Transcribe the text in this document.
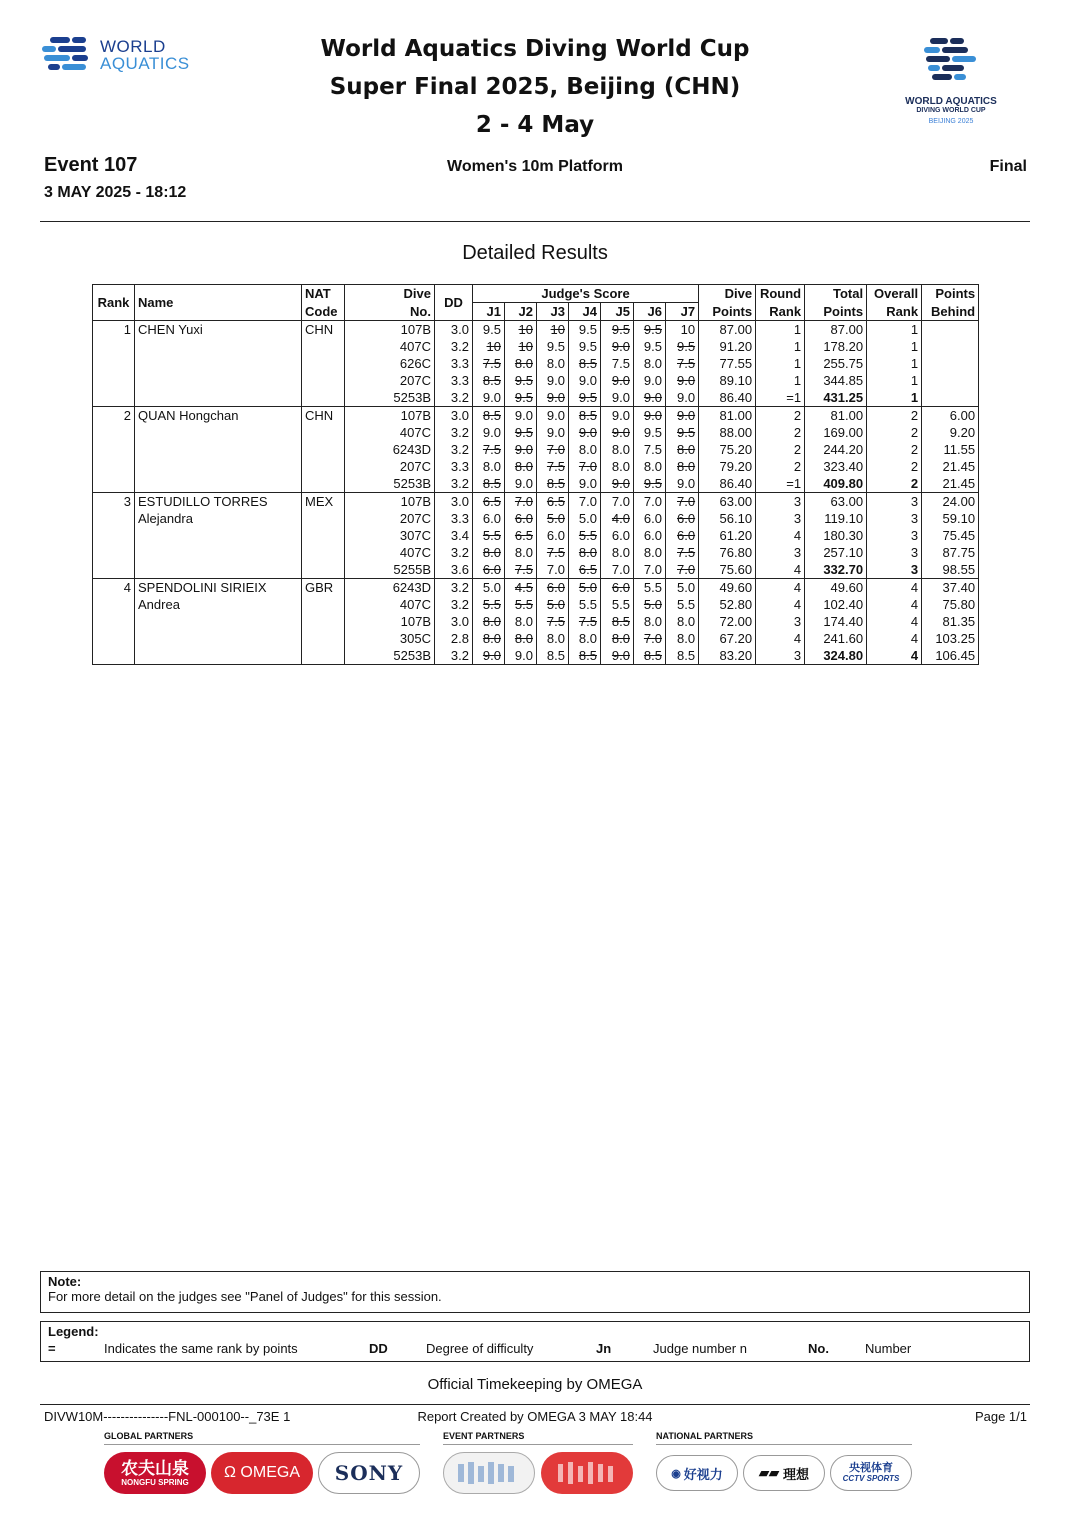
WORLD
AQUATICS
World Aquatics Diving World Cup
Super Final 2025, Beijing (CHN)
2 - 4 May
WORLD AQUATICS
DIVING WORLD CUP
BEIJING 2025
Event 107
3 MAY 2025 - 18:12
Women's 10m Platform	Final
Detailed Results
Rank	Name	NAT	Dive	DD	Judge's Score							Dive	Round	Total	Overall	Points
		Code	No.		J1	J2	J3	J4	J5	J6	J7	Points	Rank	Points	Rank	Behind
1	CHEN Yuxi	CHN	107B	3.0	9.5	10	10	9.5	9.5	9.5	10	87.00	1	87.00	1	
			407C	3.2	10	10	9.5	9.5	9.0	9.5	9.5	91.20	1	178.20	1	
			626C	3.3	7.5	8.0	8.0	8.5	7.5	8.0	7.5	77.55	1	255.75	1	
			207C	3.3	8.5	9.5	9.0	9.0	9.0	9.0	9.0	89.10	1	344.85	1	
			5253B	3.2	9.0	9.5	9.0	9.5	9.0	9.0	9.0	86.40	=1	431.25	1	
2	QUAN Hongchan	CHN	107B	3.0	8.5	9.0	9.0	8.5	9.0	9.0	9.0	81.00	2	81.00	2	6.00
			407C	3.2	9.0	9.5	9.0	9.0	9.0	9.5	9.5	88.00	2	169.00	2	9.20
			6243D	3.2	7.5	9.0	7.0	8.0	8.0	7.5	8.0	75.20	2	244.20	2	11.55
			207C	3.3	8.0	8.0	7.5	7.0	8.0	8.0	8.0	79.20	2	323.40	2	21.45
			5253B	3.2	8.5	9.0	8.5	9.0	9.0	9.5	9.0	86.40	=1	409.80	2	21.45
3	ESTUDILLO TORRES	MEX	107B	3.0	6.5	7.0	6.5	7.0	7.0	7.0	7.0	63.00	3	63.00	3	24.00
	Alejandra		207C	3.3	6.0	6.0	5.0	5.0	4.0	6.0	6.0	56.10	3	119.10	3	59.10
			307C	3.4	5.5	6.5	6.0	5.5	6.0	6.0	6.0	61.20	4	180.30	3	75.45
			407C	3.2	8.0	8.0	7.5	8.0	8.0	8.0	7.5	76.80	3	257.10	3	87.75
			5255B	3.6	6.0	7.5	7.0	6.5	7.0	7.0	7.0	75.60	4	332.70	3	98.55
4	SPENDOLINI SIRIEIX	GBR	6243D	3.2	5.0	4.5	6.0	5.0	6.0	5.5	5.0	49.60	4	49.60	4	37.40
	Andrea		407C	3.2	5.5	5.5	5.0	5.5	5.5	5.0	5.5	52.80	4	102.40	4	75.80
			107B	3.0	8.0	8.0	7.5	7.5	8.5	8.0	8.0	72.00	3	174.40	4	81.35
			305C	2.8	8.0	8.0	8.0	8.0	8.0	7.0	8.0	67.20	4	241.60	4	103.25
			5253B	3.2	9.0	9.0	8.5	8.5	9.0	8.5	8.5	83.20	3	324.80	4	106.45
Note:
For more detail on the judges see "Panel of Judges" for this session.
Legend:
=	Indicates the same rank by points	DD	Degree of difficulty	Jn	Judge number n	No.	Number
Official Timekeeping by OMEGA
DIVW10M---------------FNL-000100--_73E 1	Report Created by OMEGA 3 MAY 18:44	Page 1/1
GLOBAL PARTNERS	EVENT PARTNERS	NATIONAL PARTNERS
农夫山泉
NONGFU SPRING
Ω OMEGA	SONY	◉ 好视力	▰▰ 理想	央视体育
CCTV SPORTS
